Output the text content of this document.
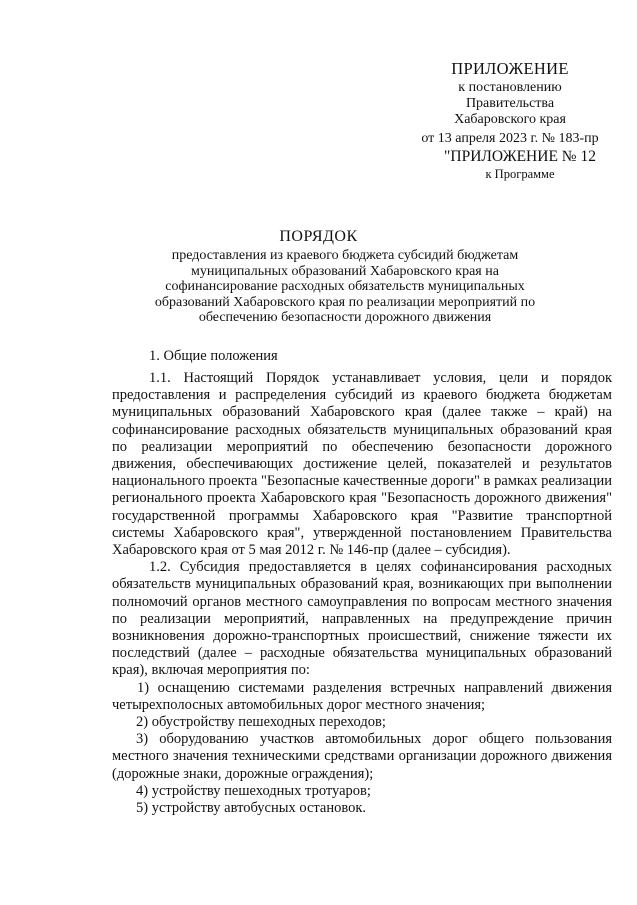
ПРИЛОЖЕНИЕ
к постановлению
Правительства
Хабаровского края
от 13 апреля 2023 г. № 183-пр
"ПРИЛОЖЕНИЕ № 12
к Программе
ПОРЯДОК
предоставления из краевого бюджета субсидий бюджетам муниципальных образований Хабаровского края на софинансирование расходных обязательств муниципальных образований Хабаровского края по реализации мероприятий по обеспечению безопасности дорожного движения
1. Общие положения

1.1. Настоящий Порядок устанавливает условия, цели и порядок предоставления и распределения субсидий из краевого бюджета бюджетам муниципальных образований Хабаровского края (далее также – край) на софинансирование расходных обязательств муниципальных образований края по реализации мероприятий по обеспечению безопасности дорожного движения, обеспечивающих достижение целей, показателей и результатов национального проекта "Безопасные качественные дороги" в рамках реализации регионального проекта Хабаровского края "Безопасность дорожного движения" государственной программы Хабаровского края "Развитие транспортной системы Хабаровского края", утвержденной постановлением Правительства Хабаровского края от 5 мая 2012 г. № 146-пр (далее – субсидия).

1.2. Субсидия предоставляется в целях софинансирования расходных обязательств муниципальных образований края, возникающих при выполнении полномочий органов местного самоуправления по вопросам местного значения по реализации мероприятий, направленных на предупреждение причин возникновения дорожно-транспортных происшествий, снижение тяжести их последствий (далее – расходные обязательства муниципальных образований края), включая мероприятия по:

1) оснащению системами разделения встречных направлений движения четырехполосных автомобильных дорог местного значения;

2) обустройству пешеходных переходов;

3) оборудованию участков автомобильных дорог общего пользования местного значения техническими средствами организации дорожного движения (дорожные знаки, дорожные ограждения);

4) устройству пешеходных тротуаров;

5) устройству автобусных остановок.
